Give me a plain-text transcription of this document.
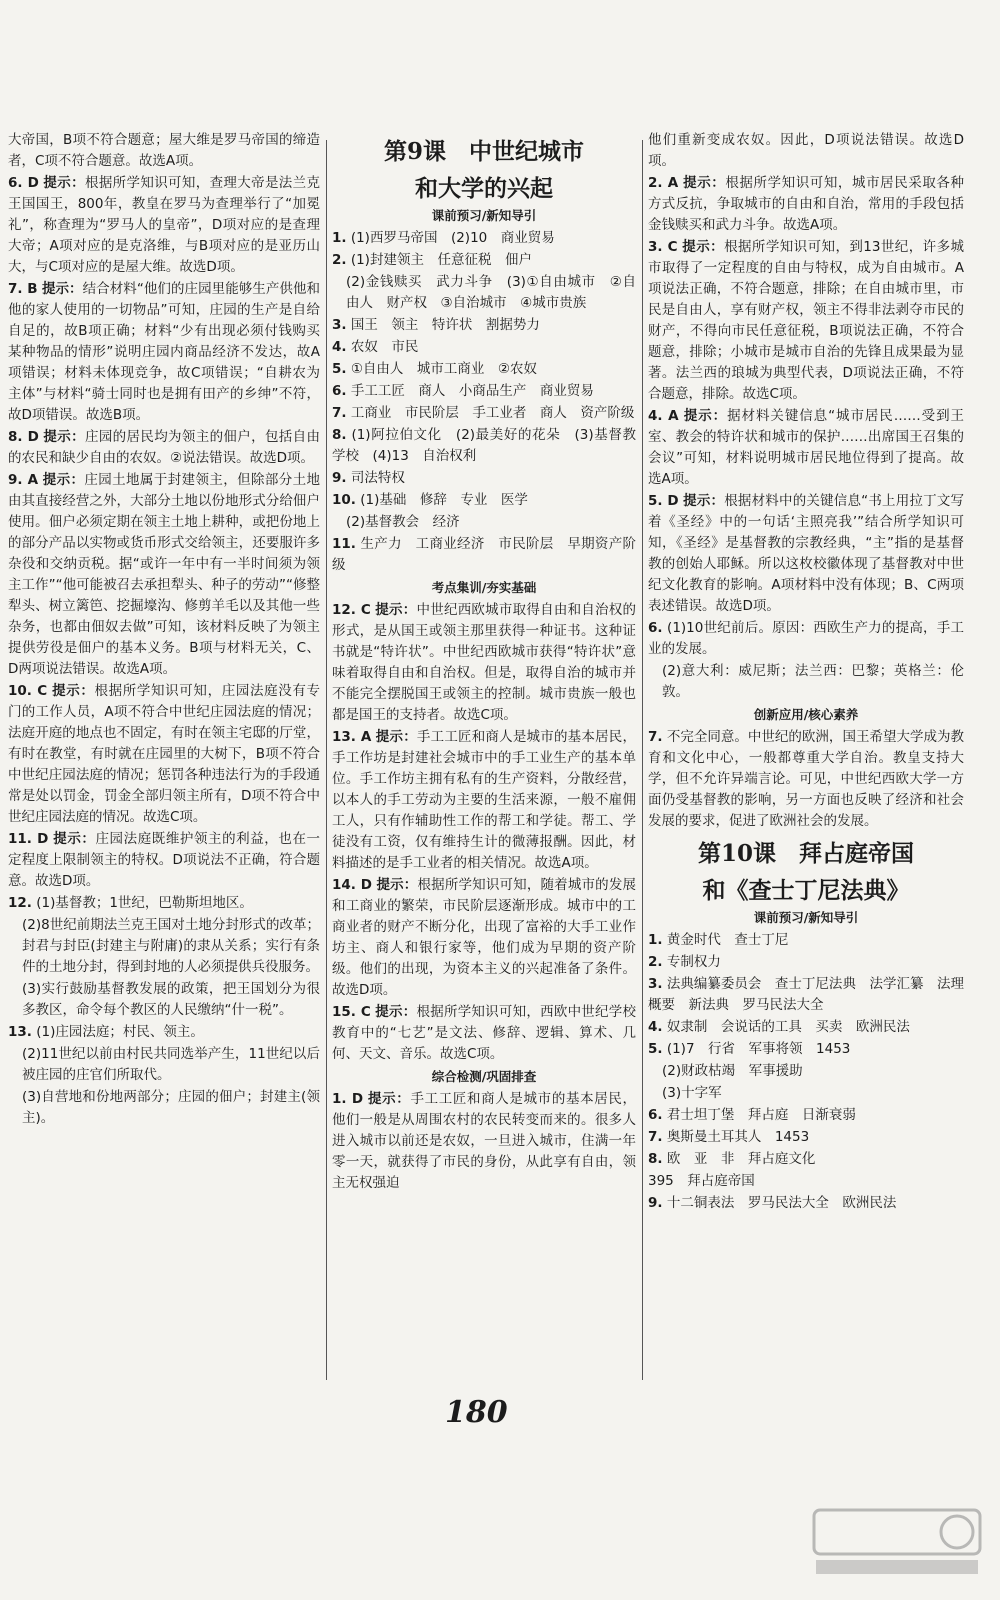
大帝国，B项不符合题意；屋大维是罗马帝国的缔造者，C项不符合题意。故选A项。
6. D 提示：根据所学知识可知，查理大帝是法兰克王国国王，800年，教皇在罗马为查理举行了“加冕礼”，称查理为“罗马人的皇帝”，D项对应的是查理大帝；A项对应的是克洛维，与B项对应的是亚历山大，与C项对应的是屋大维。故选D项。
7. B 提示：结合材料“他们的庄园里能够生产供他和他的家人使用的一切物品”可知，庄园的生产是自给自足的，故B项正确；材料“少有出现必须付钱购买某种物品的情形”说明庄园内商品经济不发达，故A项错误；材料未体现竞争，故C项错误；“自耕农为主体”与材料“骑士同时也是拥有田产的乡绅”不符，故D项错误。故选B项。
8. D 提示：庄园的居民均为领主的佃户，包括自由的农民和缺少自由的农奴。②说法错误。故选D项。
9. A 提示：庄园土地属于封建领主，但除部分土地由其直接经营之外，大部分土地以份地形式分给佃户使用。佃户必须定期在领主土地上耕种，或把份地上的部分产品以实物或货币形式交给领主，还要服许多杂役和交纳贡税。据“或许一年中有一半时间须为领主工作”“他可能被召去承担犁头、种子的劳动”“修整犁头、树立篱笆、挖掘壕沟、修剪羊毛以及其他一些杂务，也都由佃奴去做”可知，该材料反映了为领主提供劳役是佃户的基本义务。B项与材料无关，C、D两项说法错误。故选A项。
10. C 提示：根据所学知识可知，庄园法庭没有专门的工作人员，A项不符合中世纪庄园法庭的情况；法庭开庭的地点也不固定，有时在领主宅邸的厅堂，有时在教堂，有时就在庄园里的大树下，B项不符合中世纪庄园法庭的情况；惩罚各种违法行为的手段通常是处以罚金，罚金全部归领主所有，D项不符合中世纪庄园法庭的情况。故选C项。
11. D 提示：庄园法庭既维护领主的利益，也在一定程度上限制领主的特权。D项说法不正确，符合题意。故选D项。
12. (1)基督教；1世纪，巴勒斯坦地区。
(2)8世纪前期法兰克王国对土地分封形式的改革；封君与封臣(封建主与附庸)的隶从关系；实行有条件的土地分封，得到封地的人必须提供兵役服务。
(3)实行鼓励基督教发展的政策，把王国划分为很多教区，命令每个教区的人民缴纳“什一税”。
13. (1)庄园法庭；村民、领主。
(2)11世纪以前由村民共同选举产生，11世纪以后被庄园的庄官们所取代。
(3)自营地和份地两部分；庄园的佃户；封建主(领主)。
第9课　中世纪城市
和大学的兴起
课前预习/新知导引
1. (1)西罗马帝国　(2)10　商业贸易
2. (1)封建领主　任意征税　佃户
(2)金钱赎买　武力斗争　(3)①自由城市　②自由人　财产权　③自治城市　④城市贵族
3. 国王　领主　特许状　割据势力
4. 农奴　市民
5. ①自由人　城市工商业　②农奴
6. 手工工匠　商人　小商品生产　商业贸易
7. 工商业　市民阶层　手工业者　商人　资产阶级
8. (1)阿拉伯文化　(2)最美好的花朵　(3)基督教学校　(4)13　自治权利
9. 司法特权
10. (1)基础　修辞　专业　医学
(2)基督教会　经济
11. 生产力　工商业经济　市民阶层　早期资产阶级
考点集训/夯实基础
12. C 提示：中世纪西欧城市取得自由和自治权的形式，是从国王或领主那里获得一种证书。这种证书就是“特许状”。中世纪西欧城市获得“特许状”意味着取得自由和自治权。但是，取得自治的城市并不能完全摆脱国王或领主的控制。城市贵族一般也都是国王的支持者。故选C项。
13. A 提示：手工工匠和商人是城市的基本居民，手工作坊是封建社会城市中的手工业生产的基本单位。手工作坊主拥有私有的生产资料，分散经营，以本人的手工劳动为主要的生活来源，一般不雇佣工人，只有作辅助性工作的帮工和学徒。帮工、学徒没有工资，仅有维持生计的微薄报酬。因此，材料描述的是手工业者的相关情况。故选A项。
14. D 提示：根据所学知识可知，随着城市的发展和工商业的繁荣，市民阶层逐渐形成。城市中的工商业者的财产不断分化，出现了富裕的大手工业作坊主、商人和银行家等，他们成为早期的资产阶级。他们的出现，为资本主义的兴起准备了条件。故选D项。
15. C 提示：根据所学知识可知，西欧中世纪学校教育中的“七艺”是文法、修辞、逻辑、算术、几何、天文、音乐。故选C项。
综合检测/巩固排查
1. D 提示：手工工匠和商人是城市的基本居民，他们一般是从周围农村的农民转变而来的。很多人进入城市以前还是农奴，一旦进入城市，住满一年零一天，就获得了市民的身份，从此享有自由，领主无权强迫
他们重新变成农奴。因此，D项说法错误。故选D项。
2. A 提示：根据所学知识可知，城市居民采取各种方式反抗，争取城市的自由和自治，常用的手段包括金钱赎买和武力斗争。故选A项。
3. C 提示：根据所学知识可知，到13世纪，许多城市取得了一定程度的自由与特权，成为自由城市。A项说法正确，不符合题意，排除；在自由城市里，市民是自由人，享有财产权，领主不得非法剥夺市民的财产，不得向市民任意征税，B项说法正确，不符合题意，排除；小城市是城市自治的先锋且成果最为显著。法兰西的琅城为典型代表，D项说法正确，不符合题意，排除。故选C项。
4. A 提示：据材料关键信息“城市居民……受到王室、教会的特许状和城市的保护……出席国王召集的会议”可知，材料说明城市居民地位得到了提高。故选A项。
5. D 提示：根据材料中的关键信息“书上用拉丁文写着《圣经》中的一句话‘主照亮我’”结合所学知识可知，《圣经》是基督教的宗教经典，“主”指的是基督教的创始人耶稣。所以这枚校徽体现了基督教对中世纪文化教育的影响。A项材料中没有体现；B、C两项表述错误。故选D项。
6. (1)10世纪前后。原因：西欧生产力的提高，手工业的发展。
(2)意大利：威尼斯；法兰西：巴黎；英格兰：伦敦。
创新应用/核心素养
7. 不完全同意。中世纪的欧洲，国王希望大学成为教育和文化中心，一般都尊重大学自治。教皇支持大学，但不允许异端言论。可见，中世纪西欧大学一方面仍受基督教的影响，另一方面也反映了经济和社会发展的要求，促进了欧洲社会的发展。
第10课　拜占庭帝国
和《查士丁尼法典》
课前预习/新知导引
1. 黄金时代　查士丁尼
2. 专制权力
3. 法典编纂委员会　查士丁尼法典　法学汇纂　法理概要　新法典　罗马民法大全
4. 奴隶制　会说话的工具　买卖　欧洲民法
5. (1)7　行省　军事将领　1453
(2)财政枯竭　军事援助
(3)十字军
6. 君士坦丁堡　拜占庭　日渐衰弱
7. 奥斯曼土耳其人　1453
8. 欧　亚　非　拜占庭文化
395　拜占庭帝国
9. 十二铜表法　罗马民法大全　欧洲民法
180
